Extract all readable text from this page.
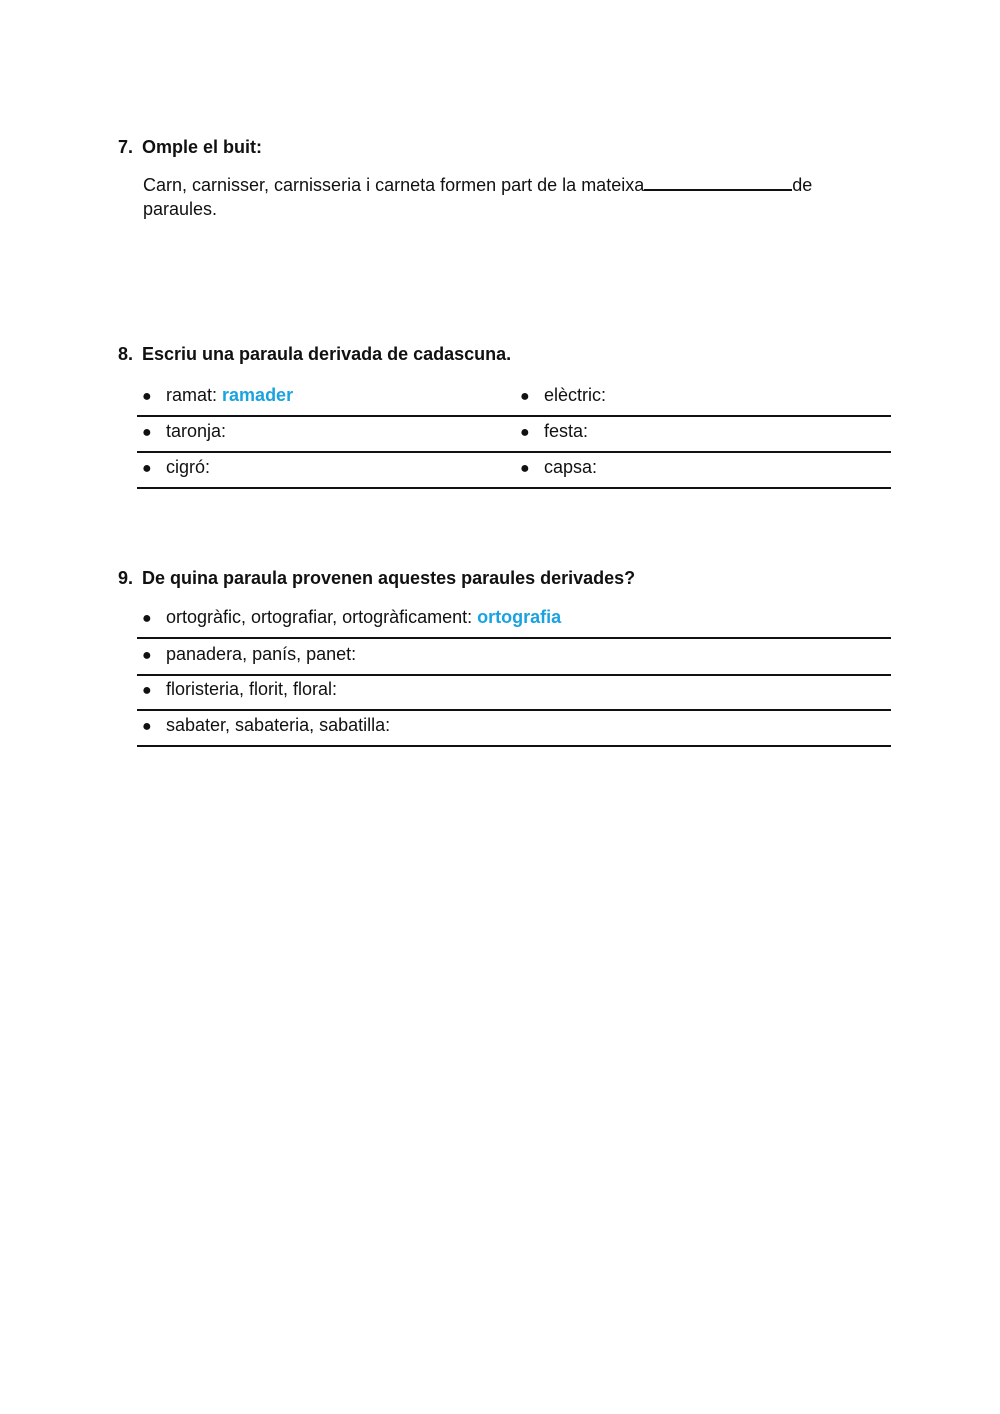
7. Omple el buit:
Carn, carnisser, carnisseria i carneta formen part de la mateixa	de
paraules.
8. Escriu una paraula derivada de cadascuna.
● ramat: ramader	● elèctric:
● taronja:	● festa:
● cigró:	● capsa:
9. De quina paraula provenen aquestes paraules derivades?
● ortogràfic, ortografiar, ortogràficament: ortografia
● panadera, panís, panet:
● floristeria, florit, floral:
● sabater, sabateria, sabatilla:
